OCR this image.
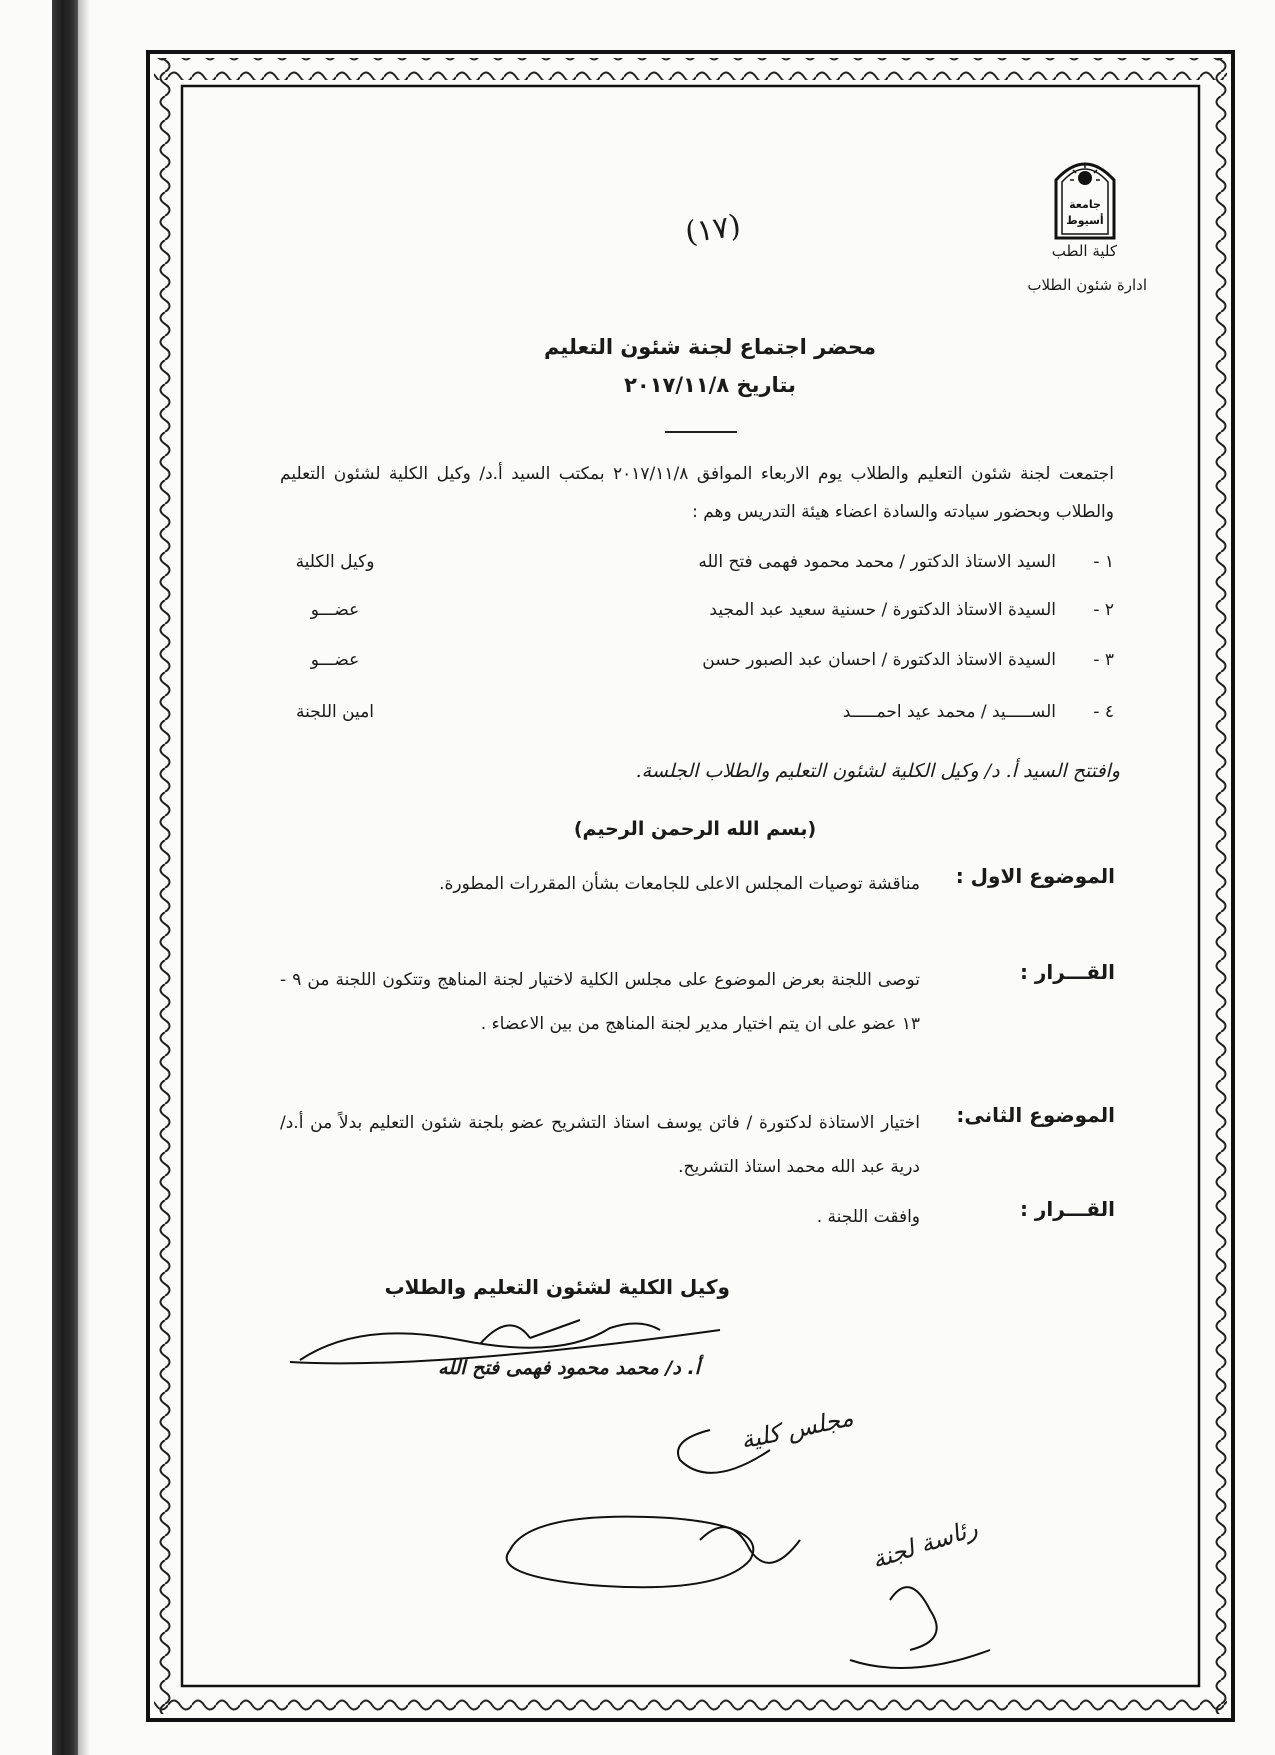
جامعة
أسيوط
كلية الطب
ادارة شئون الطلاب
(١٧)
محضر اجتماع لجنة شئون التعليم
بتاريخ ٢٠١٧/١١/٨
اجتمعت لجنة شئون التعليم والطلاب يوم الاربعاء الموافق ٢٠١٧/١١/٨ بمكتب السيد أ.د/ وكيل الكلية لشئون التعليم والطلاب وبحضور سيادته والسادة اعضاء هيئة التدريس وهم :
١ -
السيد الاستاذ الدكتور / محمد محمود فهمى فتح الله
وكيل الكلية
٢ -
السيدة الاستاذ الدكتورة / حسنية سعيد عبد المجيد
عضـــو
٣ -
السيدة الاستاذ الدكتورة / احسان عبد الصبور حسن
عضـــو
٤ -
الســـــيد / محمد عيد احمـــــد
امين اللجنة
وافتتح السيد أ. د/ وكيل الكلية لشئون التعليم والطلاب الجلسة.
(بسم الله الرحمن الرحيم)
الموضوع الاول :
مناقشة توصيات المجلس الاعلى للجامعات بشأن المقررات المطورة.
القـــرار :
توصى اللجنة بعرض الموضوع على مجلس الكلية لاختيار لجنة المناهج وتتكون اللجنة من ٩ - ١٣ عضو على ان يتم اختيار مدير لجنة المناهج من بين الاعضاء .
الموضوع الثانى:
اختيار الاستاذة لدكتورة / فاتن يوسف استاذ التشريح عضو بلجنة شئون التعليم بدلاً من أ.د/ درية عبد الله محمد استاذ التشريح.
القـــرار :
وافقت اللجنة .
وكيل الكلية لشئون التعليم والطلاب
أ. د/ محمد محمود فهمى فتح الله
مجلس كلية
رئاسة لجنة
